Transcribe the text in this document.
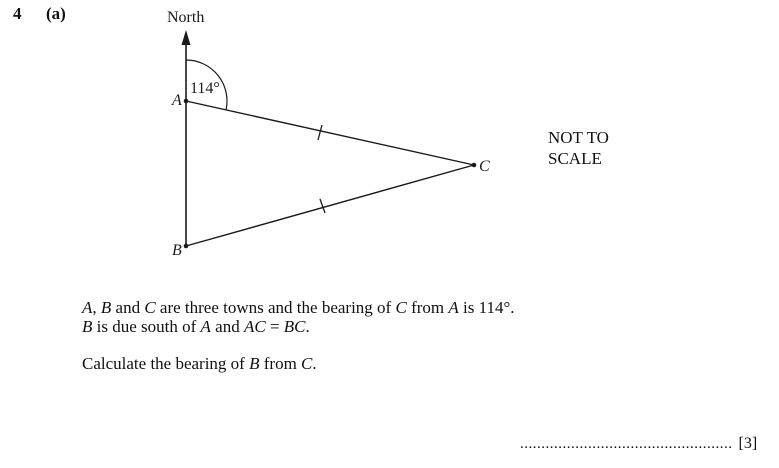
4 (a)	North
114°
A
B
C
NOT TO SCALE
A, B and C are three towns and the bearing of C from A is 114°.
B is due south of A and AC = BC.
Calculate the bearing of B from C.
.................................................. [3]
